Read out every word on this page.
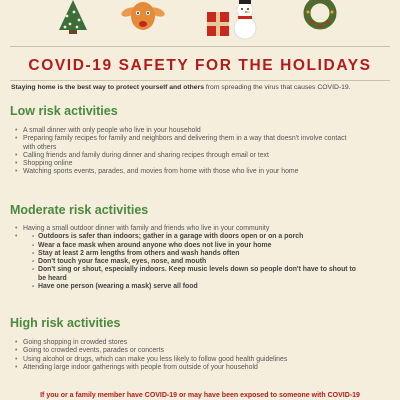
COVID-19 SAFETY FOR THE HOLIDAYS
Staying home is the best way to protect yourself and others from spreading the virus that causes COVID-19.
Low risk activities
• A small dinner with only people who live in your household
• Preparing family recipes for family and neighbors and delivering them in a way that doesn't involve contact with others
• Calling friends and family during dinner and sharing recipes through email or text
• Shopping online
• Watching sports events, parades, and movies from home with those who live in your home
Moderate risk activities
• Having a small outdoor dinner with family and friends who live in your community
- • Outdoors is safer than indoors; gather in a garage with doors open or on a porch
- Wear a face mask when around anyone who does not live in your home
- Stay at least 2 arm lengths from others and wash hands often
- Don't touch your face mask, eyes, nose, and mouth
- Don't sing or shout, especially indoors. Keep music levels down so people don't have to shout to be heard
- Have one person (wearing a mask) serve all food
High risk activities
• Going shopping in crowded stores
• Going to crowded events, parades or concerts
• Using alcohol or drugs, which can make you less likely to follow good health guidelines
• Attending large indoor gatherings with people from outside of your household
If you or a family member have COVID-19 or may have been exposed to someone with COVID-19
